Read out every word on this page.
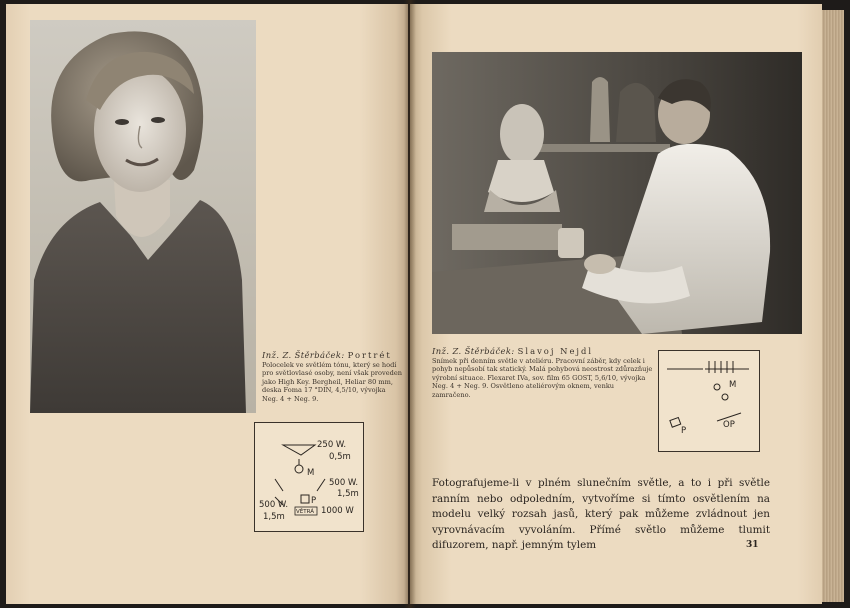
Inž. Z. Štěrbáček: Portrét
Polocelek ve světlém tónu, který se hodí pro světlovlasé osoby, není však proveden jako High Key. Bergheil, Heliar 80 mm, deska Foma 17 °DIN, 4,5/10, vývojka Neg. 4 + Neg. 9.
250 W.
0,5m
M
500 W.
1,5m
500 W.
1,5m
P
1000 W
VĚTRÁ
Inž. Z. Štěrbáček: Slavoj Nejdl
Snímek při denním světle v ateliéru. Pracovní záběr, kdy celek i pohyb nepůsobí tak statický. Malá pohybová neostrost zdůrazňuje výrobní situace. Flexaret IVa, sov. film 65 GOST, 5,6/10, vývojka Neg. 4 + Neg. 9. Osvětleno ateliérovým oknem, venku zamračeno.
M
P
OP
Fotografujeme-li v plném slunečním světle, a to i při světle ranním nebo odpoledním, vytvoříme si tímto osvětlením na modelu velký rozsah jasů, který pak můžeme zvládnout jen vyrovnávacím vyvoláním. Přímé světlo můžeme tlumit difuzorem, např. jemným tylem	31
